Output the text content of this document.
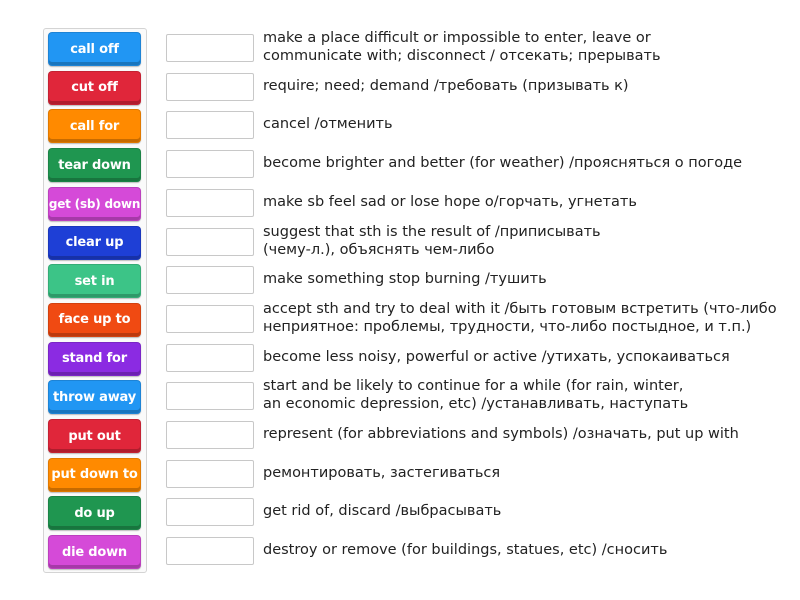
call off
cut off
call for
tear down
get (sb) down
clear up
set in
face up to
stand for
throw away
put out
put down to
do up
die down
make a place difficult or impossible to enter, leave or
communicate with; disconnect / отсекать; прерывать
require; need; demand /требовать (призывать к)
cancel /отменить
become brighter and better (for weather) /проясняться о погоде
make sb feel sad or lose hope о/горчать, угнетать
suggest that sth is the result of /приписывать
(чему-л.), объяснять чем-либо
make something stop burning /тушить
accept sth and try to deal with it /быть готовым встретить (что-либо
неприятное: проблемы, трудности, что-либо постыдное, и т.п.)
become less noisy, powerful or active /утихать, успокаиваться
start and be likely to continue for a while (for rain, winter,
an economic depression, etc) /устанавливать, наступать
represent (for abbreviations and symbols) /означать, put up with
ремонтировать, застегиваться
get rid of, discard /выбрасывать
destroy or remove (for buildings, statues, etc) /сносить
